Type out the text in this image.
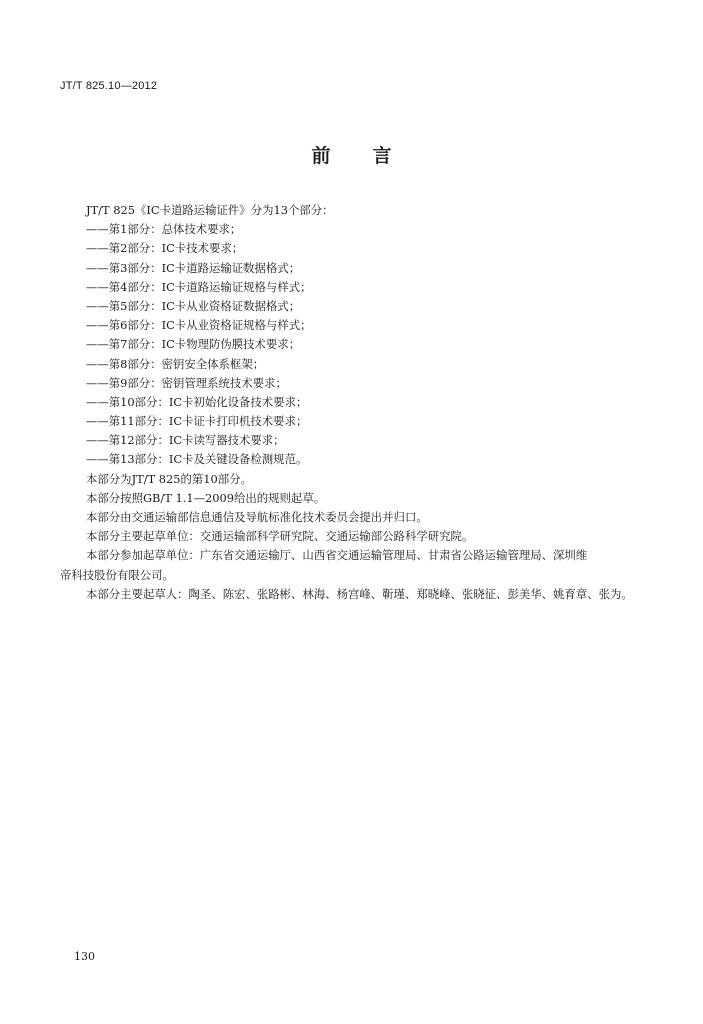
JT/T 825.10—2012
前言
JT/T 825《IC卡道路运输证件》分为13个部分：
——第1部分：总体技术要求；
——第2部分：IC卡技术要求；
——第3部分：IC卡道路运输证数据格式；
——第4部分：IC卡道路运输证规格与样式；
——第5部分：IC卡从业资格证数据格式；
——第6部分：IC卡从业资格证规格与样式；
——第7部分：IC卡物理防伪膜技术要求；
——第8部分：密钥安全体系框架；
——第9部分：密钥管理系统技术要求；
——第10部分：IC卡初始化设备技术要求；
——第11部分：IC卡证卡打印机技术要求；
——第12部分：IC卡读写器技术要求；
——第13部分：IC卡及关键设备检测规范。
本部分为JT/T 825的第10部分。
本部分按照GB/T 1.1—2009给出的规则起草。
本部分由交通运输部信息通信及导航标准化技术委员会提出并归口。
本部分主要起草单位：交通运输部科学研究院、交通运输部公路科学研究院。
本部分参加起草单位：广东省交通运输厅、山西省交通运输管理局、甘肃省公路运输管理局、深圳维
帝科技股份有限公司。
本部分主要起草人：陶圣、陈宏、张路彬、林海、杨宫峰、靳瑾、郑晓峰、张晓征、彭美华、姚育章、张为。
130
